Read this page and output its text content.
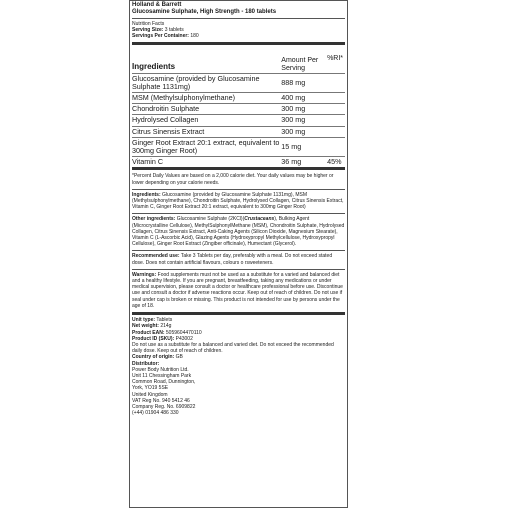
Holland & Barrett
Glucosamine Sulphate, High Strength - 180 tablets
Nutrition Facts
Serving Size: 3 tablets
Servings Per Container: 180
Ingredients
Amount Per Serving
%RI*
Glucosamine (provided by Glucosamine Sulphate 1131mg)	888 mg
MSM (Methylsulphonylmethane)	400 mg
Chondroitin Sulphate	300 mg
Hydrolysed Collagen	300 mg
Citrus Sinensis Extract	300 mg
Ginger Root Extract 20:1 extract, equivalent to 300mg Ginger Root)	15 mg
Vitamin C	36 mg	45%
*Percent Daily Values are based on a 2,000 calorie diet. Your daily values may be higher or lower depending on your calorie needs.

Ingredients: Glucosamine (provided by Glucosamine Sulphate 1131mg), MSM (Methylsulphonylmethane), Chondroitin Sulphate, Hydrolysed Collagen, Citrus Sinensis Extract, Vitamin C, Ginger Root Extract 20:1 extract, equivalent to 300mg Ginger Root)

Other ingredients: Glucosamine Sulphate (2KCl)(Crustaceans), Bulking Agent (Microcrystalline Cellulose), MethylSulphonylMethane (MSM), Chondroitin Sulphate, Hydrolysed Collagen, Citrus Sinensis Extract, Anti-Caking Agents (Silicon Dioxide, Magnesium Stearate), Vitamin C (L-Ascorbic Acid), Glazing Agents (Hydroxypropyl Methylcellulose, Hydroxypropyl Cellulose), Ginger Root Extract (Zingiber officinale), Humectant (Glycerol).

Recommended use: Take 3 Tablets per day, preferably with a meal. Do not exceed stated dose. Does not contain artificial flavours, colours o rsweeteners.

Warnings: Food supplements must not be used as a substitute for a varied and balanced diet and a healthy lifestyle. If you are pregnant, breastfeeding, taking any medications or under medical supervision, please consult a doctor or healthcare professional before use. Discontinue use and consult a doctor if adverse reactions occur. Keep out of reach of children. Do not use if seal under cap is broken or missing. This product is not intended for use by persons under the age of 18.

Unit type: Tablets
Net weight: 214g
Product EAN: 5059604470110
Product ID (SKU): P43002
Do not use as a substitute for a balanced and varied diet. Do not exceed the recommended daily dose. Keep out of reach of children.
Country of origin: GB
Distributor:
Power Body Nutrition Ltd.
Unit 11 Chessingham Park
Common Road, Dunnington,
York, YO19 5SE
United Kingdom
VAT Reg No. 940 5412 46
Company Reg. No. 6909822
(+44) 01904 486 330
